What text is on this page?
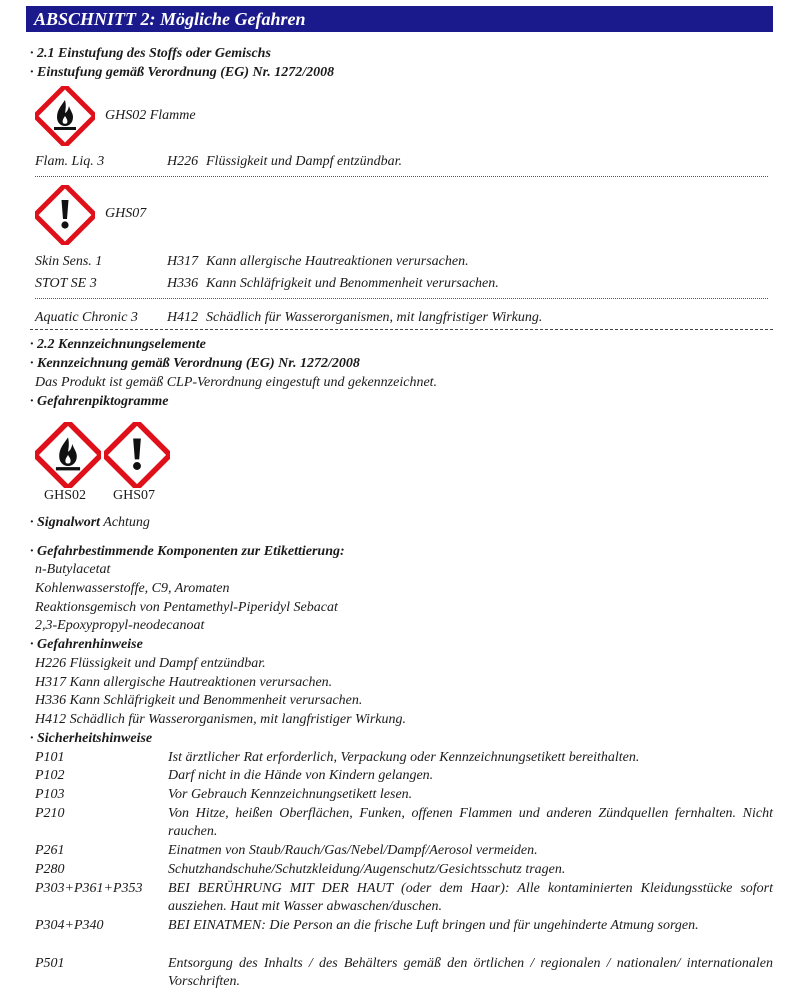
ABSCHNITT 2: Mögliche Gefahren
· 2.1 Einstufung des Stoffs oder Gemischs
· Einstufung gemäß Verordnung (EG) Nr. 1272/2008
GHS02 Flamme
Flam. Liq. 3	H226 Flüssigkeit und Dampf entzündbar.
GHS07
Skin Sens. 1	H317 Kann allergische Hautreaktionen verursachen.
STOT SE 3	H336 Kann Schläfrigkeit und Benommenheit verursachen.
Aquatic Chronic 3 H412 Schädlich für Wasserorganismen, mit langfristiger Wirkung.
· 2.2 Kennzeichnungselemente
· Kennzeichnung gemäß Verordnung (EG) Nr. 1272/2008
Das Produkt ist gemäß CLP-Verordnung eingestuft und gekennzeichnet.
· Gefahrenpiktogramme
GHS02 GHS07
· Signalwort Achtung
· Gefahrbestimmende Komponenten zur Etikettierung:
n-Butylacetat
Kohlenwasserstoffe, C9, Aromaten
Reaktionsgemisch von Pentamethyl-Piperidyl Sebacat
2,3-Epoxypropyl-neodecanoat
· Gefahrenhinweise
H226 Flüssigkeit und Dampf entzündbar.
H317 Kann allergische Hautreaktionen verursachen.
H336 Kann Schläfrigkeit und Benommenheit verursachen.
H412 Schädlich für Wasserorganismen, mit langfristiger Wirkung.
· Sicherheitshinweise
P101	Ist ärztlicher Rat erforderlich, Verpackung oder Kennzeichnungsetikett bereithalten.
P102	Darf nicht in die Hände von Kindern gelangen.
P103	Vor Gebrauch Kennzeichnungsetikett lesen.
P210	Von Hitze, heißen Oberflächen, Funken, offenen Flammen und anderen Zündquellen fernhalten. Nicht rauchen.
P261	Einatmen von Staub/Rauch/Gas/Nebel/Dampf/Aerosol vermeiden.
P280	Schutzhandschuhe/Schutzkleidung/Augenschutz/Gesichtsschutz tragen.
P303+P361+P353 BEI BERÜHRUNG MIT DER HAUT (oder dem Haar): Alle kontaminierten Kleidungsstücke sofort ausziehen. Haut mit Wasser abwaschen/duschen.
P304+P340	BEI EINATMEN: Die Person an die frische Luft bringen und für ungehinderte Atmung sorgen.
P501	Entsorgung des Inhalts / des Behälters gemäß den örtlichen / regionalen / nationalen/ internationalen Vorschriften.
